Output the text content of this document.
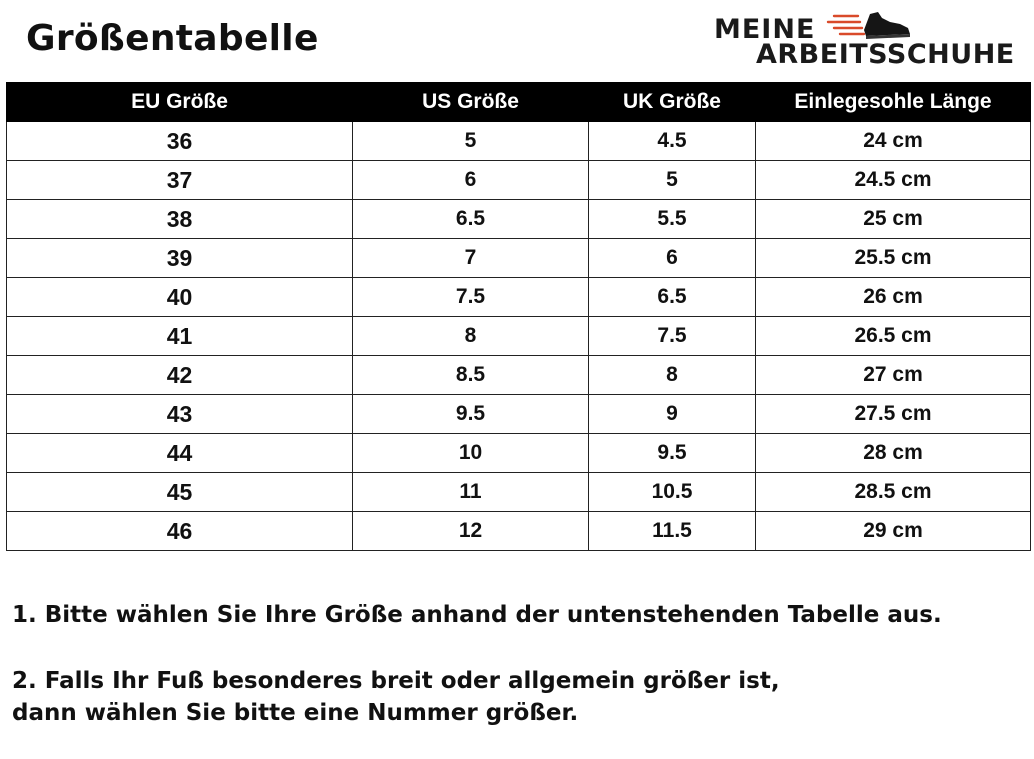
Größentabelle	MEINE
ARBEITSSCHUHE
EU Größe	US Größe	UK Größe	Einlegesohle Länge
36	5	4.5	24 cm
37	6	5	24.5 cm
38	6.5	5.5	25 cm
39	7	6	25.5 cm
40	7.5	6.5	26 cm
41	8	7.5	26.5 cm
42	8.5	8	27 cm
43	9.5	9	27.5 cm
44	10	9.5	28 cm
45	11	10.5	28.5 cm
46	12	11.5	29 cm
1. Bitte wählen Sie Ihre Größe anhand der untenstehenden Tabelle aus.
2. Falls Ihr Fuß besonderes breit oder allgemein größer ist,
dann wählen Sie bitte eine Nummer größer.
